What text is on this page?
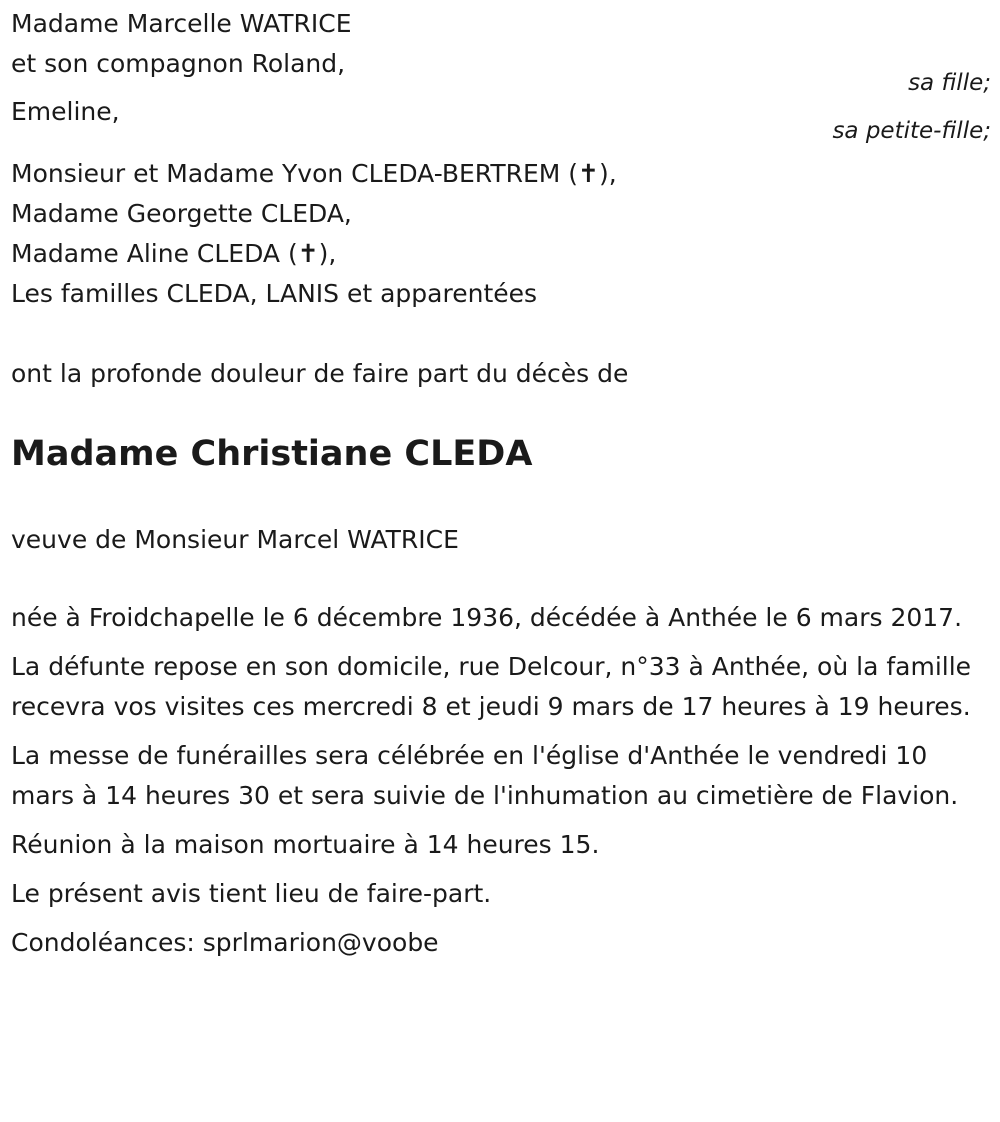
Madame Marcelle WATRICE
et son compagnon Roland,
sa fille;
Emeline,
sa petite-fille;
Monsieur et Madame Yvon CLEDA-BERTREM (✝),
Madame Georgette CLEDA,
Madame Aline CLEDA (✝),
Les familles CLEDA, LANIS et apparentées
ont la profonde douleur de faire part du décès de
Madame Christiane CLEDA
veuve de Monsieur Marcel WATRICE
née à Froidchapelle le 6 décembre 1936, décédée à Anthée le 6 mars 2017.
La défunte repose en son domicile, rue Delcour, n°33 à Anthée, où la famille recevra vos visites ces mercredi 8 et jeudi 9 mars de 17 heures à 19 heures.
La messe de funérailles sera célébrée en l'église d'Anthée le vendredi 10 mars à 14 heures 30 et sera suivie de l'inhumation au cimetière de Flavion.
Réunion à la maison mortuaire à 14 heures 15.
Le présent avis tient lieu de faire-part.
Condoléances: sprlmarion@voobe
